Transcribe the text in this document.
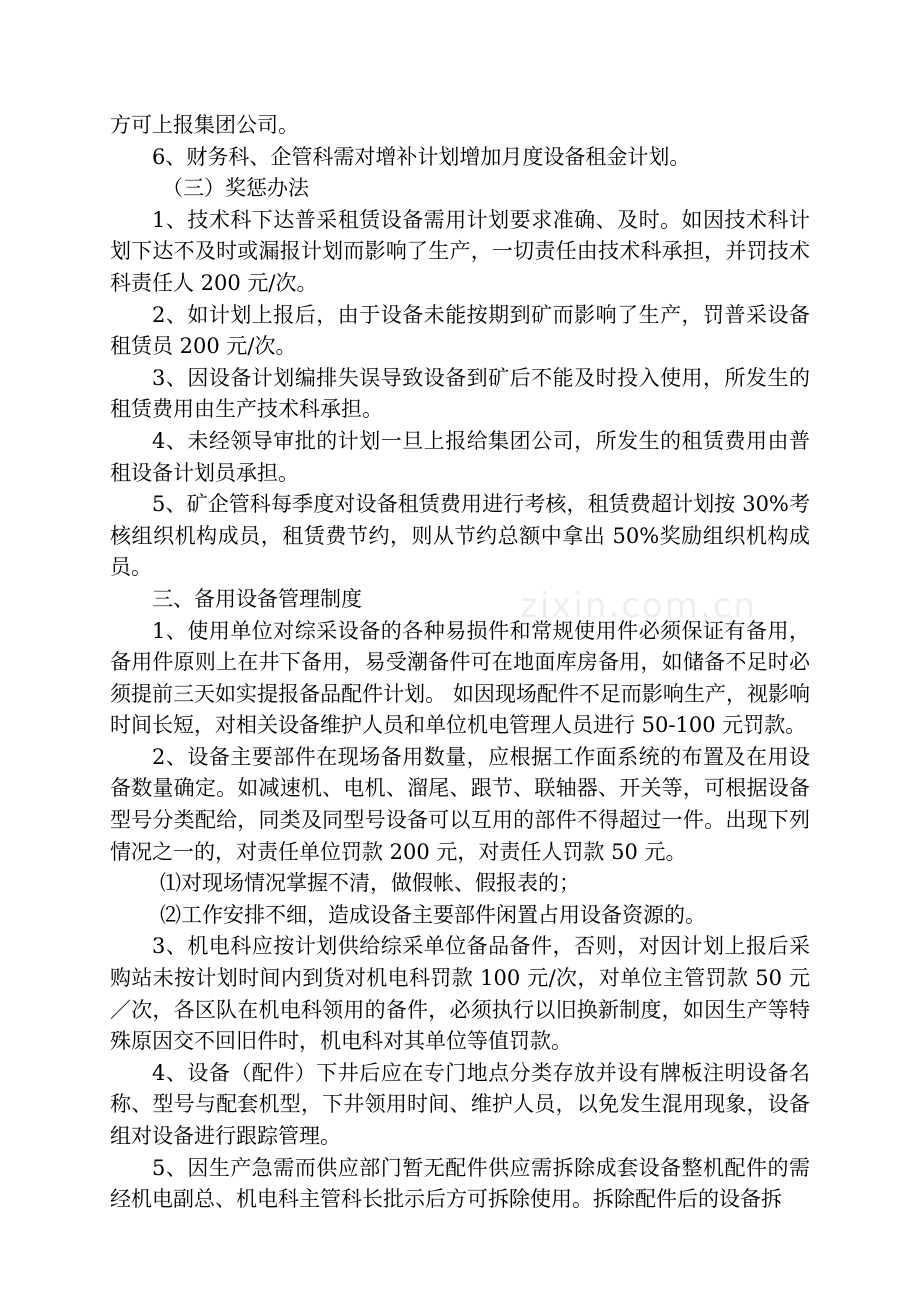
方可上报集团公司。

6、财务科、企管科需对增补计划增加月度设备租金计划。

（三）奖惩办法

1、技术科下达普采租赁设备需用计划要求准确、及时。如因技术科计划下达不及时或漏报计划而影响了生产，一切责任由技术科承担，并罚技术科责任人 200 元/次。

2、如计划上报后，由于设备未能按期到矿而影响了生产，罚普采设备租赁员 200 元/次。

3、因设备计划编排失误导致设备到矿后不能及时投入使用，所发生的租赁费用由生产技术科承担。

4、未经领导审批的计划一旦上报给集团公司，所发生的租赁费用由普租设备计划员承担。

5、矿企管科每季度对设备租赁费用进行考核，租赁费超计划按 30%考核组织机构成员，租赁费节约，则从节约总额中拿出 50%奖励组织机构成员。

三、备用设备管理制度

1、使用单位对综采设备的各种易损件和常规使用件必须保证有备用，备用件原则上在井下备用，易受潮备件可在地面库房备用，如储备不足时必须提前三天如实提报备品配件计划。 如因现场配件不足而影响生产，视影响时间长短，对相关设备维护人员和单位机电管理人员进行 50-100 元罚款。

2、设备主要部件在现场备用数量，应根据工作面系统的布置及在用设备数量确定。如减速机、电机、溜尾、跟节、联轴器、开关等，可根据设备型号分类配给，同类及同型号设备可以互用的部件不得超过一件。出现下列情况之一的，对责任单位罚款 200 元，对责任人罚款 50 元。

⑴对现场情况掌握不清，做假帐、假报表的；

⑵工作安排不细，造成设备主要部件闲置占用设备资源的。

3、机电科应按计划供给综采单位备品备件，否则，对因计划上报后采购站未按计划时间内到货对机电科罚款 100 元/次，对单位主管罚款 50 元／次，各区队在机电科领用的备件，必须执行以旧换新制度，如因生产等特殊原因交不回旧件时，机电科对其单位等值罚款。

4、设备（配件）下井后应在专门地点分类存放并设有牌板注明设备名称、型号与配套机型，下井领用时间、维护人员，以免发生混用现象，设备组对设备进行跟踪管理。

5、因生产急需而供应部门暂无配件供应需拆除成套设备整机配件的需经机电副总、机电科主管科长批示后方可拆除使用。拆除配件后的设备拆

zixin.com.cn
